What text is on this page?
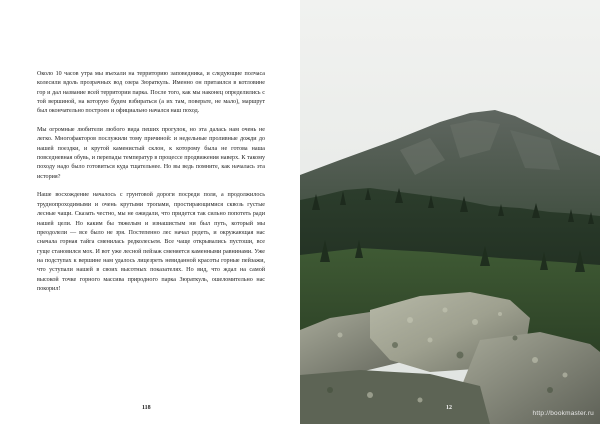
Около 10 часов утра мы въехали на территорию заповедника, и следующие полчаса колесили вдоль прозрачных вод озера Зюраткуль. Именно он притаился в котловине гор и дал название всей территории парка. После того, как мы наконец определились с той вершиной, на которую будем взбираться (а их там, поверьте, не мало), маршрут был окончательно построен и официально начался наш поход.

Мы огромные любители любого вида пеших прогулок, но эта далась нам очень не легко. Многофакторов послужили тому причиной: и недельные проливные дожди до нашей поездки, и крутой каменистый склон, к которому была не готова наша повседневная обувь, и перепады температур в процессе продвижения наверх. К такому походу надо было готовиться куда тщательнее. Но вы ведь помните, как началась эта история?

Наше восхождение началось с грунтовой дороги посреди поля, а продолжилось труднопроходимыми и очень крутыми тропами, простирающимися сквозь густые лесные чащи. Сказать честно, мы не ожидали, что придется так сильно попотеть ради нашей цели. Но каким бы тяжелым и изнашистым ни был путь, который мы преодолели — все было не зря. Постепенно лес начал редеть, и окружающая нас сначала горная тайга сменилась редколесьем. Все чаще открывались пустоши, все гуще становился мох. И вот уже лесной пейзаж сменяется каменными равнинами. Уже на подступах к вершине нам удалось лицезреть невиданной красоты горные пейзажи, что уступали нашей в своих высотных показателях. Но вид, что ждал на самой высокой точке горного массива природного парка Зюраткуль, ошеломительно нас покорил!

118	12
http://bookmaster.ru
